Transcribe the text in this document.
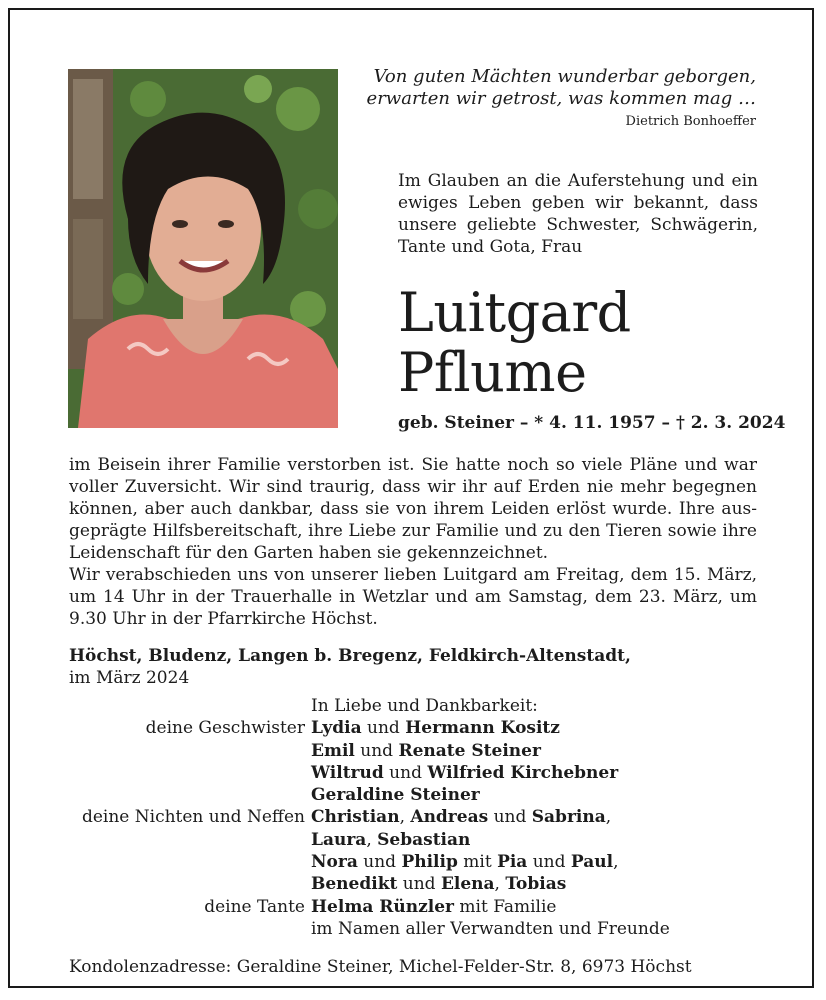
Von guten Mächten wunderbar geborgen,
erwarten wir getrost, was kommen mag …
Dietrich Bonhoeffer
Im Glauben an die Auferstehung und ein ewiges Leben geben wir bekannt, dass unsere geliebte Schwester, Schwägerin, Tante und Gota, Frau
Luitgard
Pflume
geb. Steiner – * 4. 11. 1957 – † 2. 3. 2024

im Beisein ihrer Familie verstorben ist. Sie hatte noch so viele Pläne und war voller Zuversicht. Wir sind traurig, dass wir ihr auf Erden nie mehr begegnen können, aber auch dankbar, dass sie von ihrem Leiden erlöst wurde. Ihre ausgeprägte Hilfsbereitschaft, ihre Liebe zur Familie und zu den Tieren sowie ihre Leidenschaft für den Garten haben sie gekennzeichnet.

Wir verabschieden uns von unserer lieben Luitgard am Freitag, dem 15. März, um 14 Uhr in der Trauerhalle in Wetzlar und am Samstag, dem 23. März, um 9.30 Uhr in der Pfarrkirche Höchst.

Höchst, Bludenz, Langen b. Bregenz, Feldkirch-Altenstadt,
im März 2024
In Liebe und Dankbarkeit:
deine Geschwister Lydia und Hermann Kositz
Emil und Renate Steiner
Wiltrud und Wilfried Kirchebner
Geraldine Steiner
deine Nichten und Neffen Christian, Andreas und Sabrina,
Laura, Sebastian
Nora und Philip mit Pia und Paul,
Benedikt und Elena, Tobias
deine Tante Helma Rünzler mit Familie
im Namen aller Verwandten und Freunde
Kondolenzadresse: Geraldine Steiner, Michel-Felder-Str. 8, 6973 Höchst
